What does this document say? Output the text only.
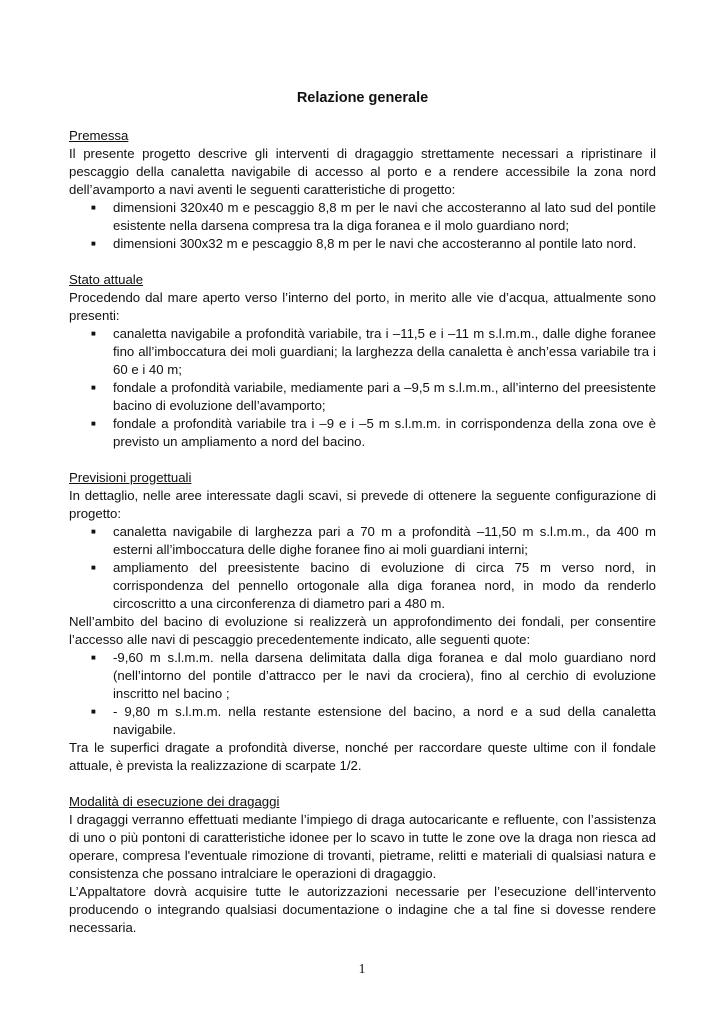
Relazione generale
Premessa

Il presente progetto descrive gli interventi di dragaggio strettamente necessari a ripristinare il pescaggio della canaletta navigabile di accesso al porto e a rendere accessibile la zona nord dell’avamporto a navi aventi le seguenti caratteristiche di progetto:

■ dimensioni 320x40 m e pescaggio 8,8 m per le navi che accosteranno al lato sud del pontile esistente nella darsena compresa tra la diga foranea e il molo guardiano nord;
■ dimensioni 300x32 m e pescaggio 8,8 m per le navi che accosteranno al pontile lato nord.
Stato attuale

Procedendo dal mare aperto verso l’interno del porto, in merito alle vie d’acqua, attualmente sono presenti:

■ canaletta navigabile a profondità variabile, tra i –11,5 e i –11 m s.l.m.m., dalle dighe foranee fino all’imboccatura dei moli guardiani; la larghezza della canaletta è anch’essa variabile tra i 60 e i 40 m;
■ fondale a profondità variabile, mediamente pari a –9,5 m s.l.m.m., all’interno del preesistente bacino di evoluzione dell’avamporto;
■ fondale a profondità variabile tra i –9 e i –5 m s.l.m.m. in corrispondenza della zona ove è previsto un ampliamento a nord del bacino.
Previsioni progettuali

In dettaglio, nelle aree interessate dagli scavi, si prevede di ottenere la seguente configurazione di progetto:

■ canaletta navigabile di larghezza pari a 70 m a profondità –11,50 m s.l.m.m., da 400 m esterni all’imboccatura delle dighe foranee fino ai moli guardiani interni;
■ ampliamento del preesistente bacino di evoluzione di circa 75 m verso nord, in corrispondenza del pennello ortogonale alla diga foranea nord, in modo da renderlo circoscritto a una circonferenza di diametro pari a 480 m.

Nell’ambito del bacino di evoluzione si realizzerà un approfondimento dei fondali, per consentire l’accesso alle navi di pescaggio precedentemente indicato, alle seguenti quote:

■ -9,60 m s.l.m.m. nella darsena delimitata dalla diga foranea e dal molo guardiano nord (nell’intorno del pontile d’attracco per le navi da crociera), fino al cerchio di evoluzione inscritto nel bacino ;
■ - 9,80 m s.l.m.m. nella restante estensione del bacino, a nord e a sud della canaletta navigabile.

Tra le superfici dragate a profondità diverse, nonché per raccordare queste ultime con il fondale attuale, è prevista la realizzazione di scarpate 1/2.

Modalità di esecuzione dei dragaggi

I dragaggi verranno effettuati mediante l’impiego di draga autocaricante e refluente, con l’assistenza di uno o più pontoni di caratteristiche idonee per lo scavo in tutte le zone ove la draga non riesca ad operare, compresa l'eventuale rimozione di trovanti, pietrame, relitti e materiali di qualsiasi natura e consistenza che possano intralciare le operazioni di dragaggio.

L’Appaltatore dovrà acquisire tutte le autorizzazioni necessarie per l’esecuzione dell’intervento producendo o integrando qualsiasi documentazione o indagine che a tal fine si dovesse rendere necessaria.

1
